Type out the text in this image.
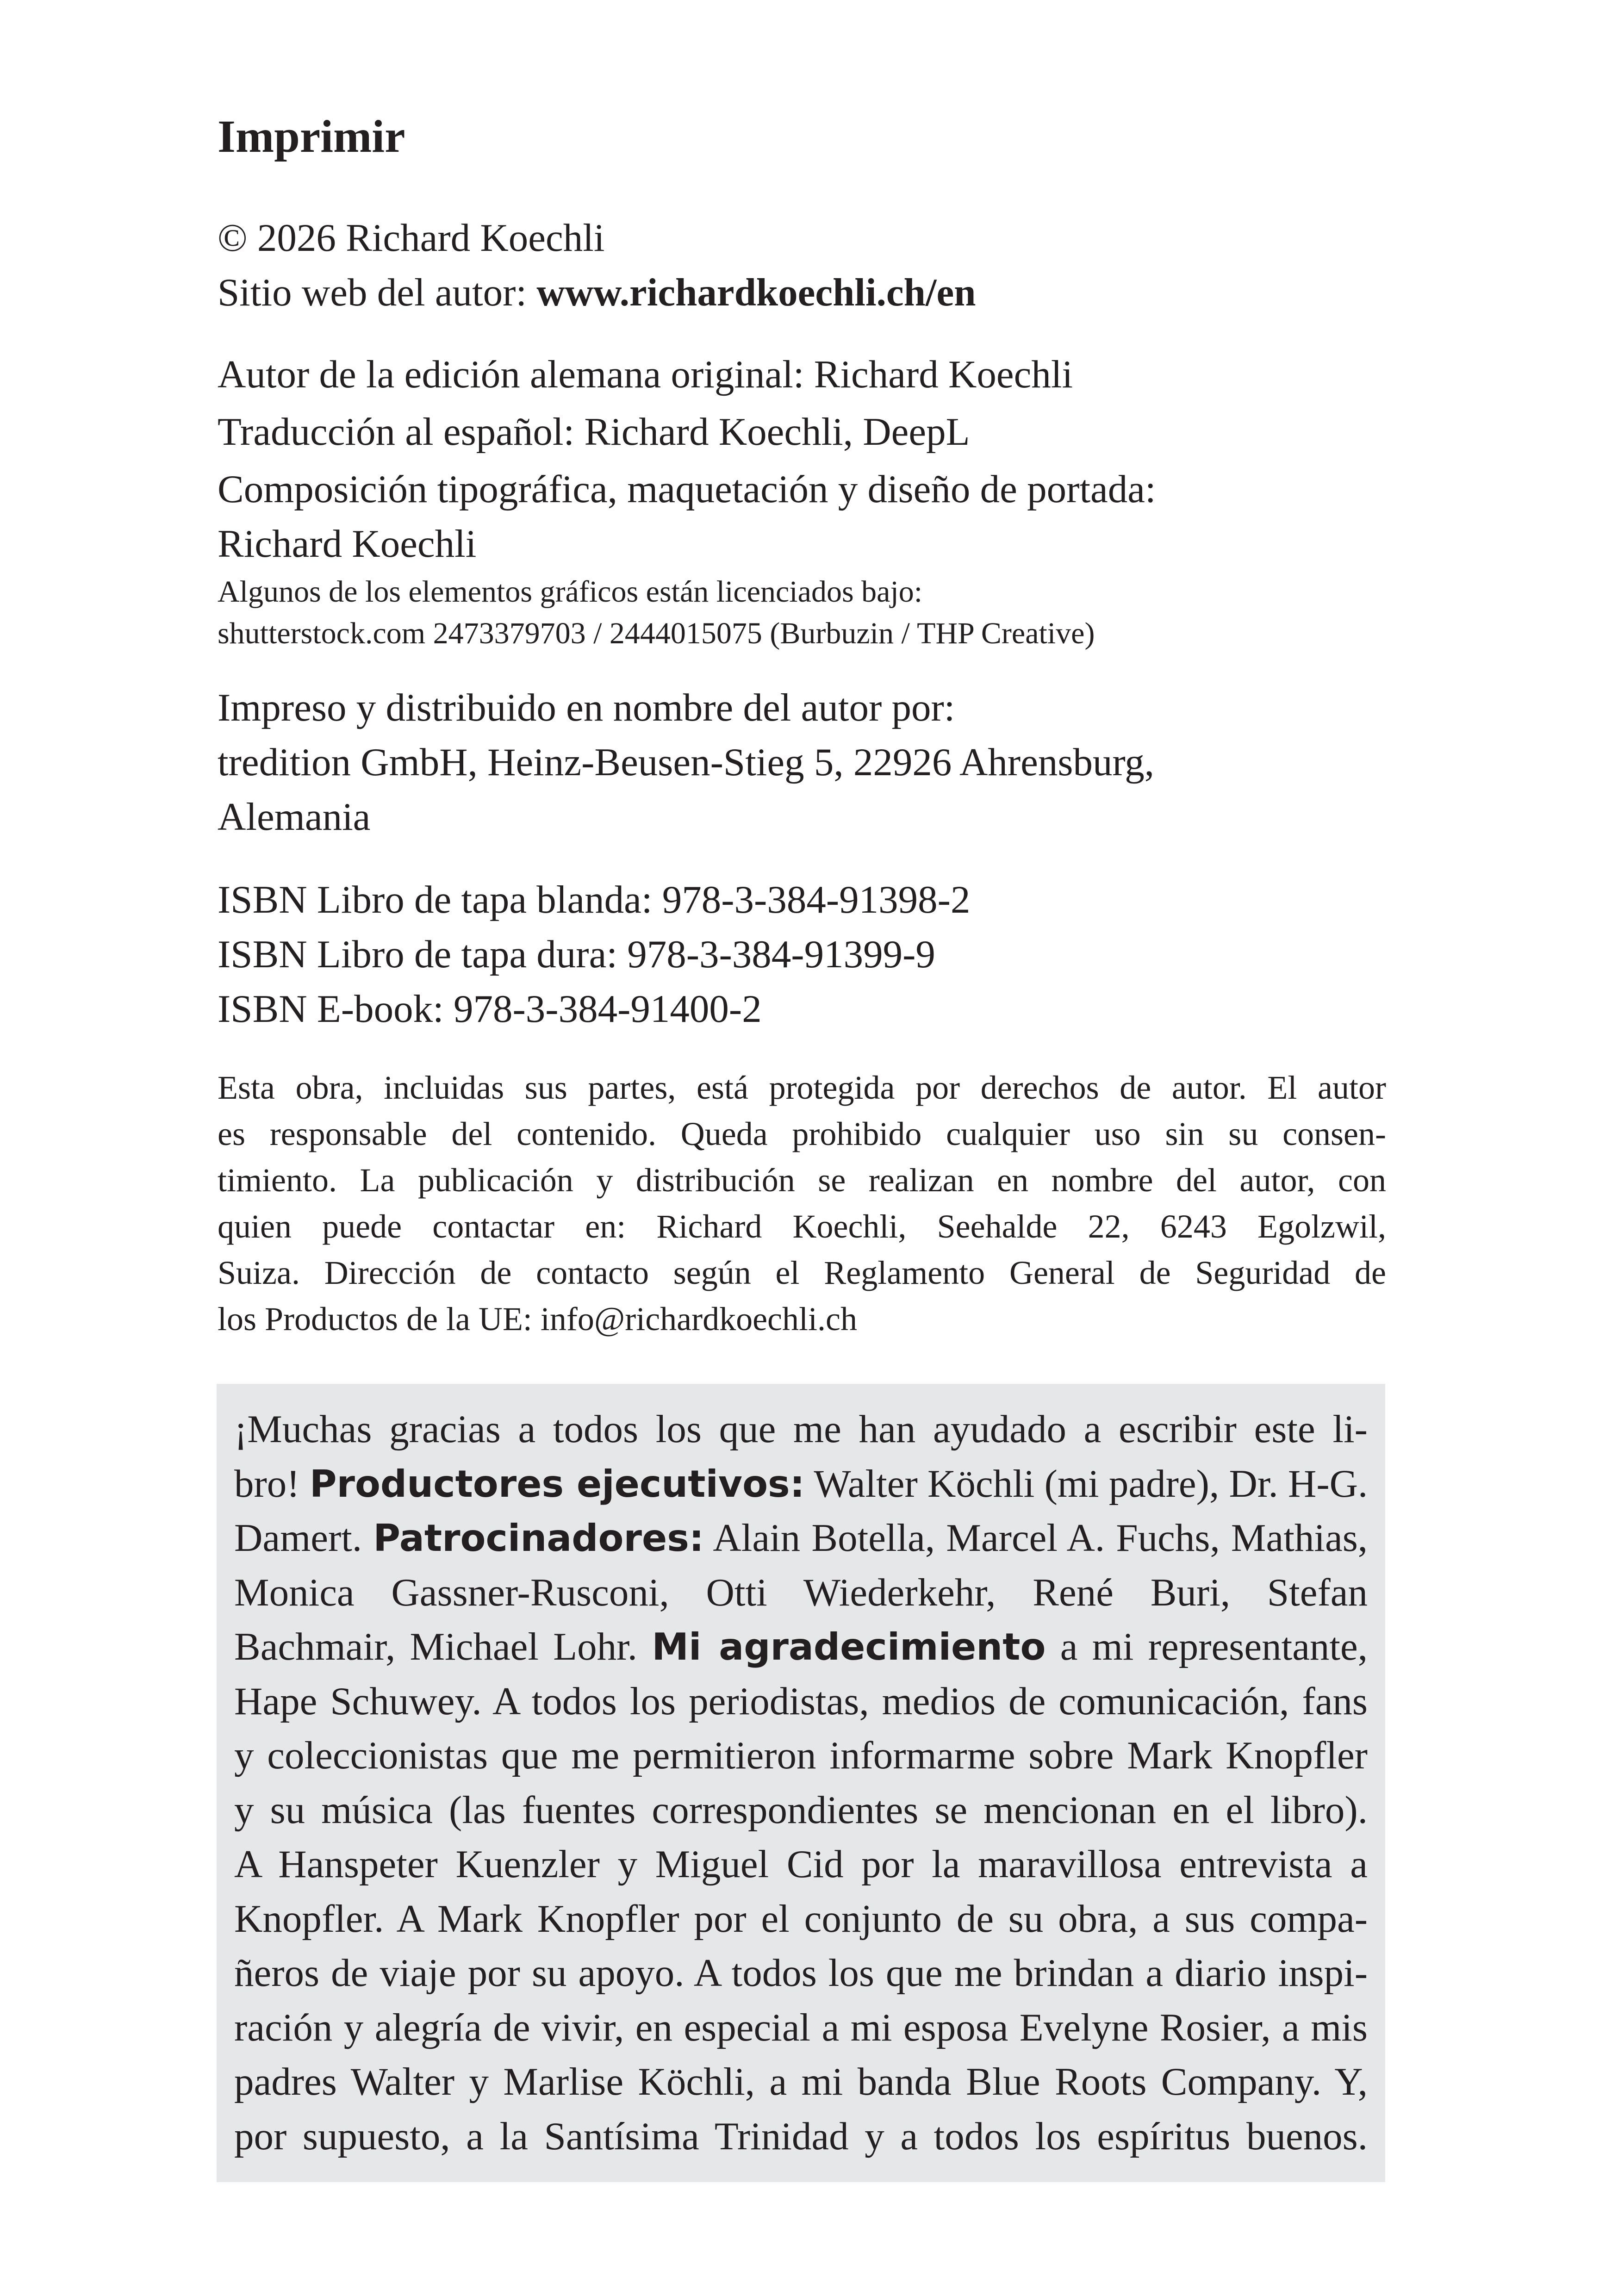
Imprimir
© 2026 Richard Koechli
Sitio web del autor: www.richardkoechli.ch/en
Autor de la edición alemana original: Richard Koechli
Traducción al español: Richard Koechli, DeepL
Composición tipográfica, maquetación y diseño de portada:
Richard Koechli
Algunos de los elementos gráficos están licenciados bajo:
shutterstock.com 2473379703 / 2444015075 (Burbuzin / THP Creative)
Impreso y distribuido en nombre del autor por:
tredition GmbH, Heinz-Beusen-Stieg 5, 22926 Ahrensburg,
Alemania
ISBN Libro de tapa blanda: 978-3-384-91398-2
ISBN Libro de tapa dura: 978-3-384-91399-9
ISBN E-book: 978-3-384-91400-2
Esta obra, incluidas sus partes, está protegida por derechos de autor. El autor
es responsable del contenido. Queda prohibido cualquier uso sin su consen-
timiento. La publicación y distribución se realizan en nombre del autor, con
quien puede contactar en: Richard Koechli, Seehalde 22, 6243 Egolzwil,
Suiza. Dirección de contacto según el Reglamento General de Seguridad de
los Productos de la UE: info@richardkoechli.ch
¡Muchas gracias a todos los que me han ayudado a escribir este li-
bro! Productores ejecutivos: Walter Köchli (mi padre), Dr. H-G.
Damert. Patrocinadores: Alain Botella, Marcel A. Fuchs, Mathias,
Monica Gassner-Rusconi, Otti Wiederkehr, René Buri, Stefan
Bachmair, Michael Lohr. Mi agradecimiento a mi representante,
Hape Schuwey. A todos los periodistas, medios de comunicación, fans
y coleccionistas que me permitieron informarme sobre Mark Knopfler
y su música (las fuentes correspondientes se mencionan en el libro).
A Hanspeter Kuenzler y Miguel Cid por la maravillosa entrevista a
Knopfler. A Mark Knopfler por el conjunto de su obra, a sus compa-
ñeros de viaje por su apoyo. A todos los que me brindan a diario inspi-
ración y alegría de vivir, en especial a mi esposa Evelyne Rosier, a mis
padres Walter y Marlise Köchli, a mi banda Blue Roots Company. Y,
por supuesto, a la Santísima Trinidad y a todos los espíritus buenos.
